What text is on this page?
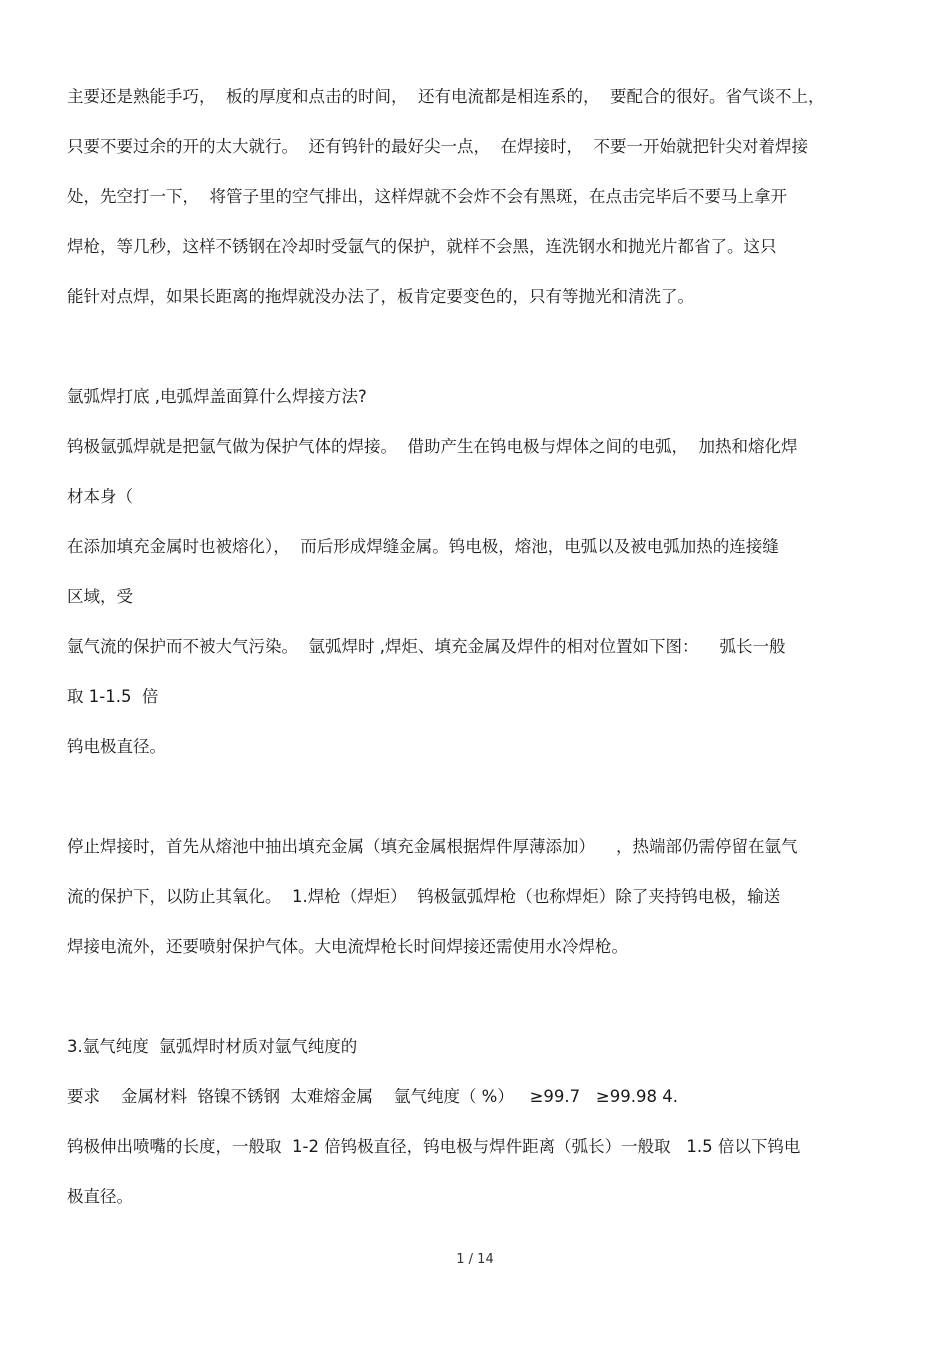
主要还是熟能手巧，  板的厚度和点击的时间，  还有电流都是相连系的，  要配合的很好。省气谈不上，

只要不要过余的开的太大就行。  还有钨针的最好尖一点，  在焊接时，  不要一开始就把针尖对着焊接

处，先空打一下，  将管子里的空气排出，这样焊就不会炸不会有黑斑，在点击完毕后不要马上拿开

焊枪，等几秒，这样不锈钢在冷却时受氩气的保护，就样不会黑，连洗钢水和抛光片都省了。这只

能针对点焊，如果长距离的拖焊就没办法了，板肯定要变色的，只有等抛光和清洗了。

氩弧焊打底 ,电弧焊盖面算什么焊接方法?

钨极氩弧焊就是把氩气做为保护气体的焊接。  借助产生在钨电极与焊体之间的电弧，  加热和熔化焊

材本身（

在添加填充金属时也被熔化），  而后形成焊缝金属。钨电极，熔池，电弧以及被电弧加热的连接缝

区域，受

氩气流的保护而不被大气污染。  氩弧焊时 ,焊炬、填充金属及焊件的相对位置如下图：    弧长一般

取 1-1.5  倍

钨电极直径。

停止焊接时，首先从熔池中抽出填充金属（填充金属根据焊件厚薄添加）    ，热端部仍需停留在氩气

流的保护下，以防止其氧化。  1.焊枪（焊炬）  钨极氩弧焊枪（也称焊炬）除了夹持钨电极，输送

焊接电流外，还要喷射保护气体。大电流焊枪长时间焊接还需使用水冷焊枪。

3.氩气纯度  氩弧焊时材质对氩气纯度的

要求    金属材料  铬镍不锈钢  太难熔金属    氩气纯度（ %）   ≥99.7   ≥99.98 4.

钨极伸出喷嘴的长度，一般取  1-2 倍钨极直径，钨电极与焊件距离（弧长）一般取   1.5 倍以下钨电

极直径。

1 / 14
